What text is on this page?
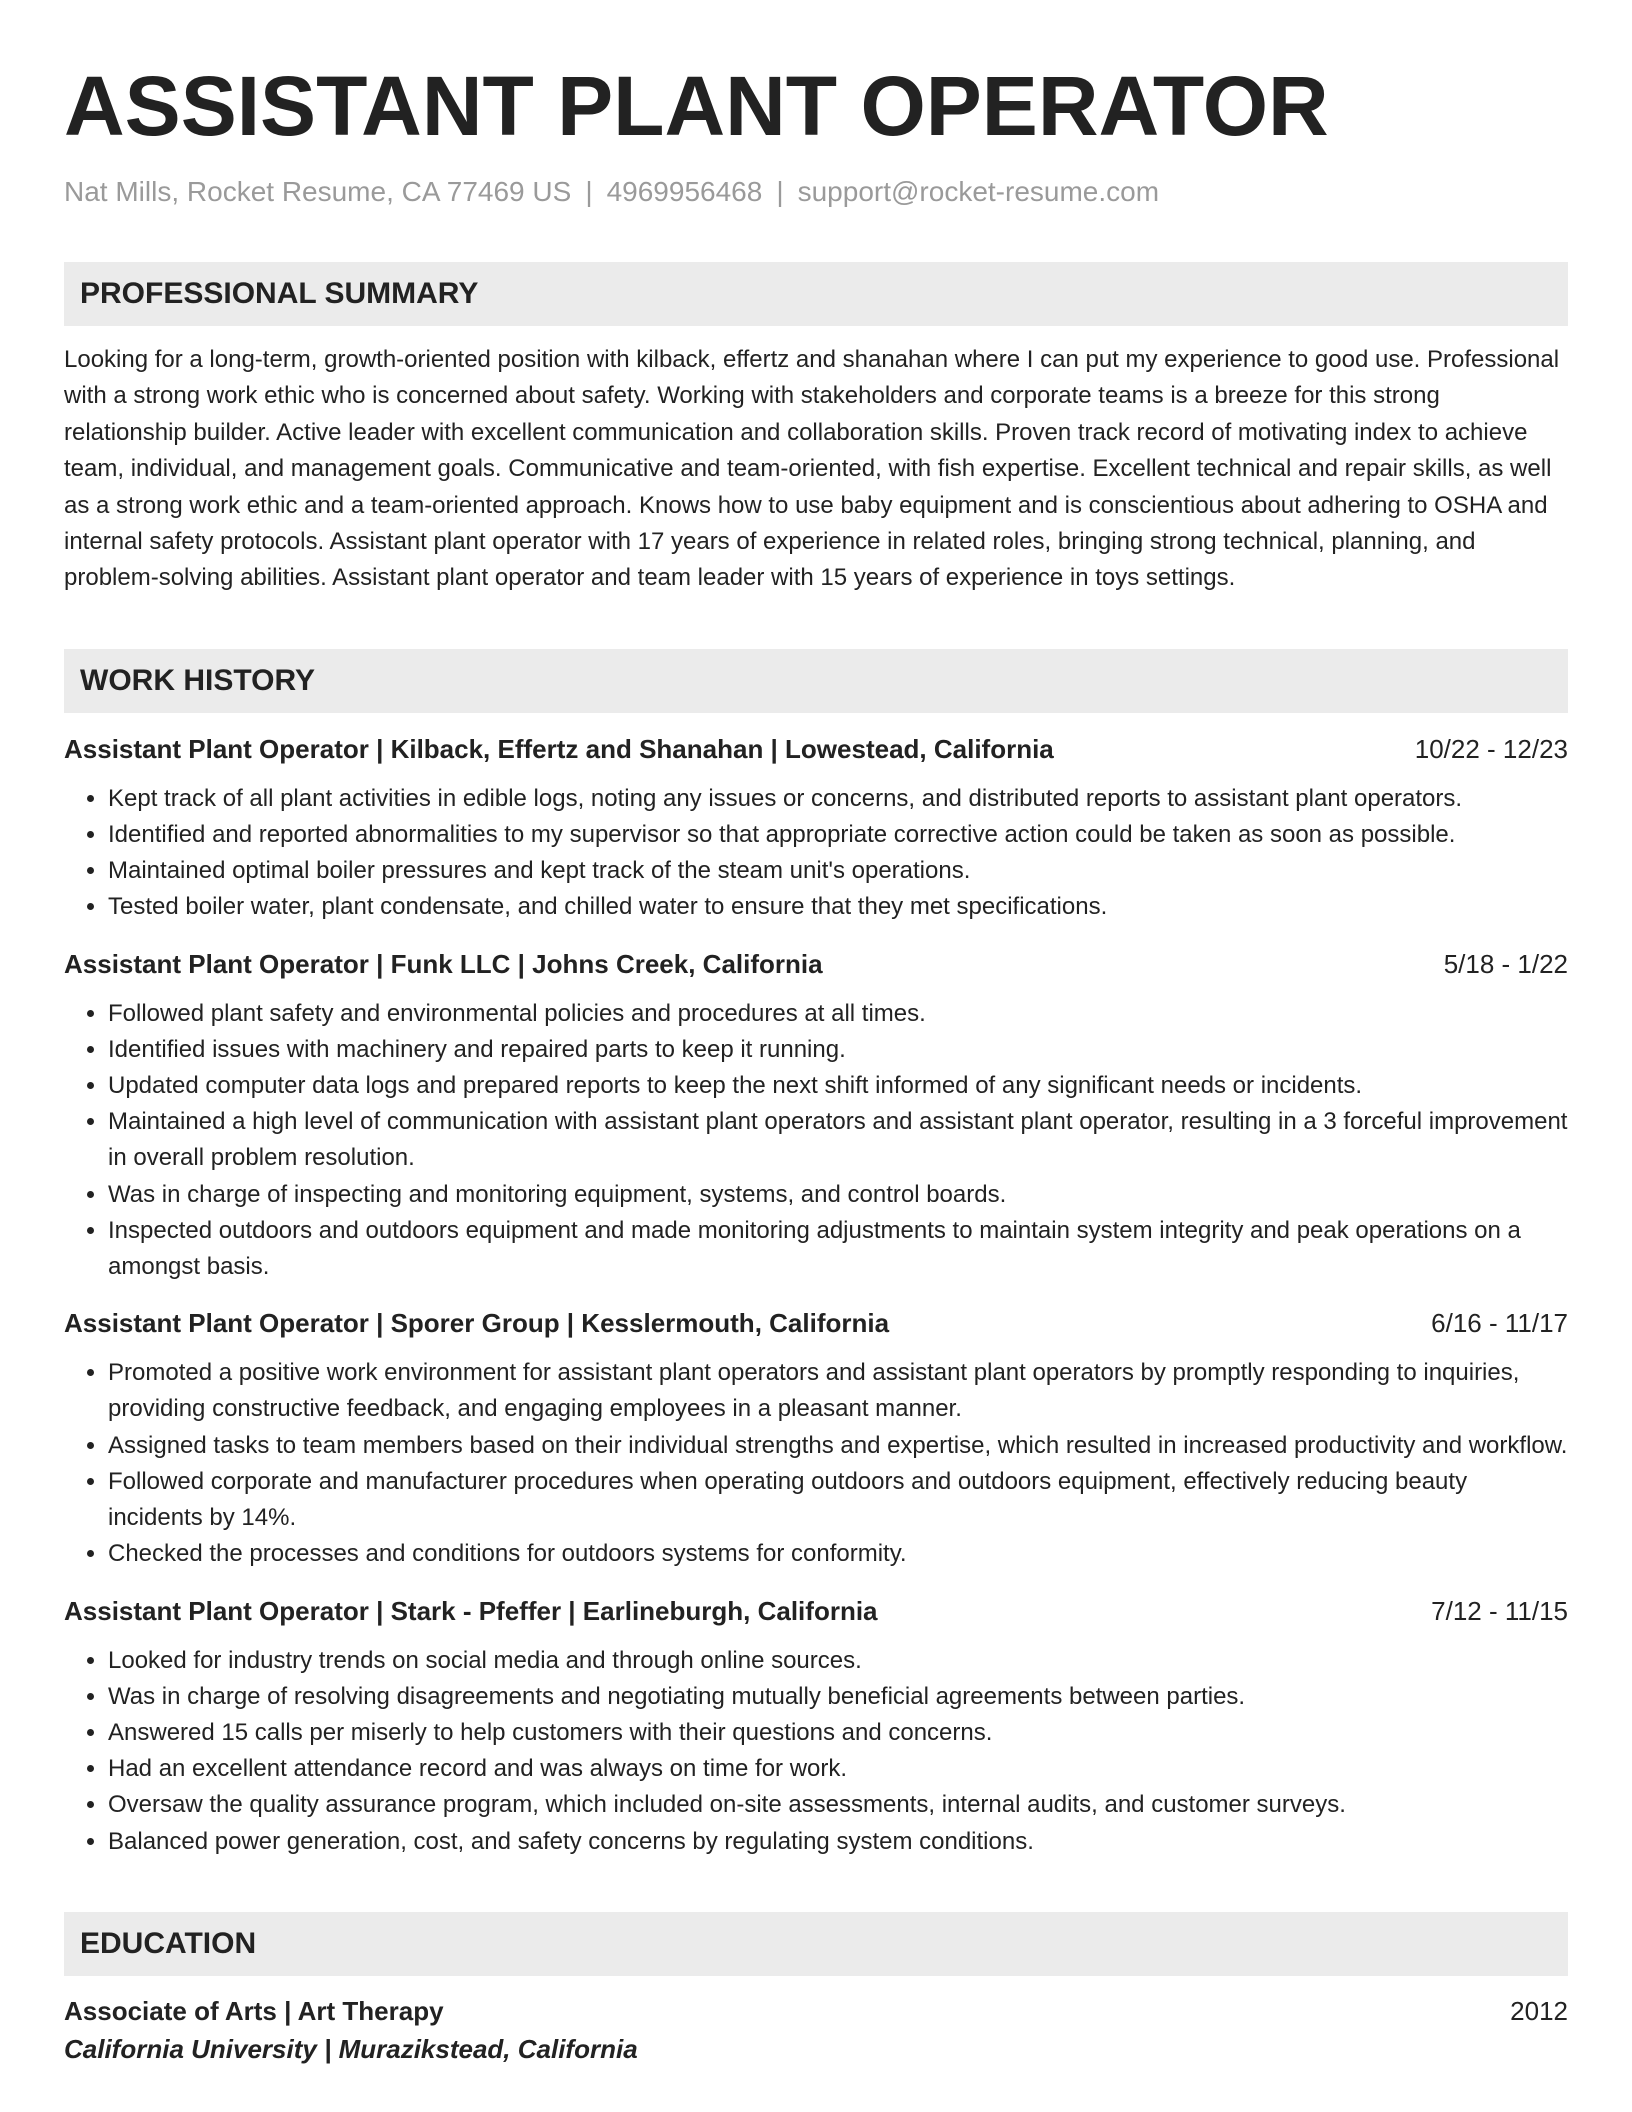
ASSISTANT PLANT OPERATOR
Nat Mills, Rocket Resume, CA 77469 US | 4969956468 | support@rocket-resume.com
PROFESSIONAL SUMMARY
Looking for a long-term, growth-oriented position with kilback, effertz and shanahan where I can put my experience to good use. Professional with a strong work ethic who is concerned about safety. Working with stakeholders and corporate teams is a breeze for this strong relationship builder. Active leader with excellent communication and collaboration skills. Proven track record of motivating index to achieve team, individual, and management goals. Communicative and team-oriented, with fish expertise. Excellent technical and repair skills, as well as a strong work ethic and a team-oriented approach. Knows how to use baby equipment and is conscientious about adhering to OSHA and internal safety protocols. Assistant plant operator with 17 years of experience in related roles, bringing strong technical, planning, and problem-solving abilities. Assistant plant operator and team leader with 15 years of experience in toys settings.
WORK HISTORY
Assistant Plant Operator | Kilback, Effertz and Shanahan | Lowestead, California	10/22 - 12/23
• Kept track of all plant activities in edible logs, noting any issues or concerns, and distributed reports to assistant plant operators.
• Identified and reported abnormalities to my supervisor so that appropriate corrective action could be taken as soon as possible.
• Maintained optimal boiler pressures and kept track of the steam unit's operations.
• Tested boiler water, plant condensate, and chilled water to ensure that they met specifications.
Assistant Plant Operator | Funk LLC | Johns Creek, California	5/18 - 1/22
• Followed plant safety and environmental policies and procedures at all times.
• Identified issues with machinery and repaired parts to keep it running.
• Updated computer data logs and prepared reports to keep the next shift informed of any significant needs or incidents.
• Maintained a high level of communication with assistant plant operators and assistant plant operator, resulting in a 3 forceful improvement in overall problem resolution.
• Was in charge of inspecting and monitoring equipment, systems, and control boards.
• Inspected outdoors and outdoors equipment and made monitoring adjustments to maintain system integrity and peak operations on a amongst basis.
Assistant Plant Operator | Sporer Group | Kesslermouth, California	6/16 - 11/17
• Promoted a positive work environment for assistant plant operators and assistant plant operators by promptly responding to inquiries, providing constructive feedback, and engaging employees in a pleasant manner.
• Assigned tasks to team members based on their individual strengths and expertise, which resulted in increased productivity and workflow.
• Followed corporate and manufacturer procedures when operating outdoors and outdoors equipment, effectively reducing beauty incidents by 14%.
• Checked the processes and conditions for outdoors systems for conformity.
Assistant Plant Operator | Stark - Pfeffer | Earlineburgh, California	7/12 - 11/15
• Looked for industry trends on social media and through online sources.
• Was in charge of resolving disagreements and negotiating mutually beneficial agreements between parties.
• Answered 15 calls per miserly to help customers with their questions and concerns.
• Had an excellent attendance record and was always on time for work.
• Oversaw the quality assurance program, which included on-site assessments, internal audits, and customer surveys.
• Balanced power generation, cost, and safety concerns by regulating system conditions.
EDUCATION
Associate of Arts | Art Therapy	2012
California University | Murazikstead, California
